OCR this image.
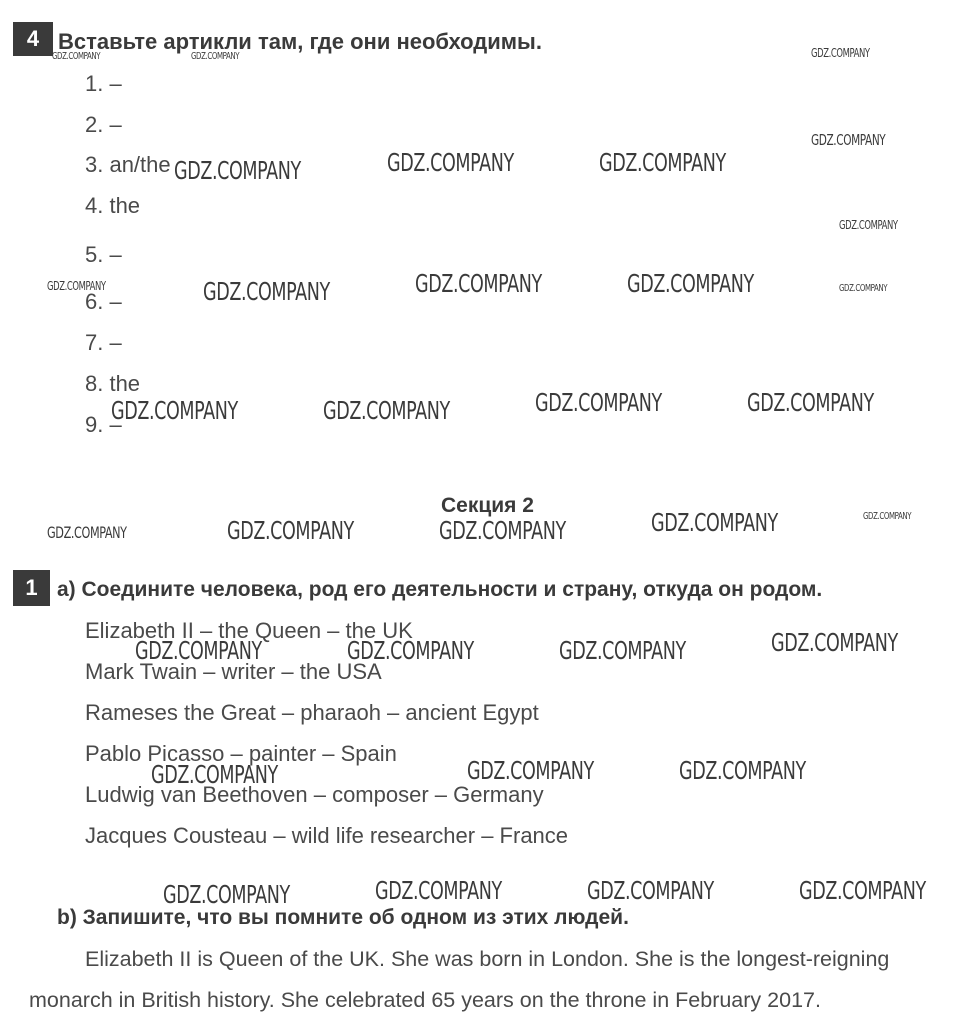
4 Вставьте артикли там, где они необходимы.
1. –
2. –
3. an/the
4. the
5. –
6. –
7. –
8. the
9. –
Секция 2
1 a) Соедините человека, род его деятельности и страну, откуда он родом.
Elizabeth II – the Queen – the UK
Mark Twain – writer – the USA
Rameses the Great – pharaoh – ancient Egypt
Pablo Picasso – painter – Spain
Ludwig van Beethoven – composer – Germany
Jacques Cousteau – wild life researcher – France
b) Запишите, что вы помните об одном из этих людей.
Elizabeth II is Queen of the UK. She was born in London. She is the longest-reigning
monarch in British history. She celebrated 65 years on the throne in February 2017.
GDZ.COMPANY	GDZ.COMPANY	GDZ.COMPANY
GDZ.COMPANY
GDZ.COMPANY	GDZ.COMPANY	GDZ.COMPANY
GDZ.COMPANY
GDZ.COMPANY	GDZ.COMPANY	GDZ.COMPANY	GDZ.COMPANY	GDZ.COMPANY
GDZ.COMPANY	GDZ.COMPANY	GDZ.COMPANY	GDZ.COMPANY
GDZ.COMPANY	GDZ.COMPANY	GDZ.COMPANY	GDZ.COMPANY	GDZ.COMPANY
GDZ.COMPANY	GDZ.COMPANY	GDZ.COMPANY	GDZ.COMPANY
GDZ.COMPANY	GDZ.COMPANY	GDZ.COMPANY
GDZ.COMPANY	GDZ.COMPANY	GDZ.COMPANY	GDZ.COMPANY
